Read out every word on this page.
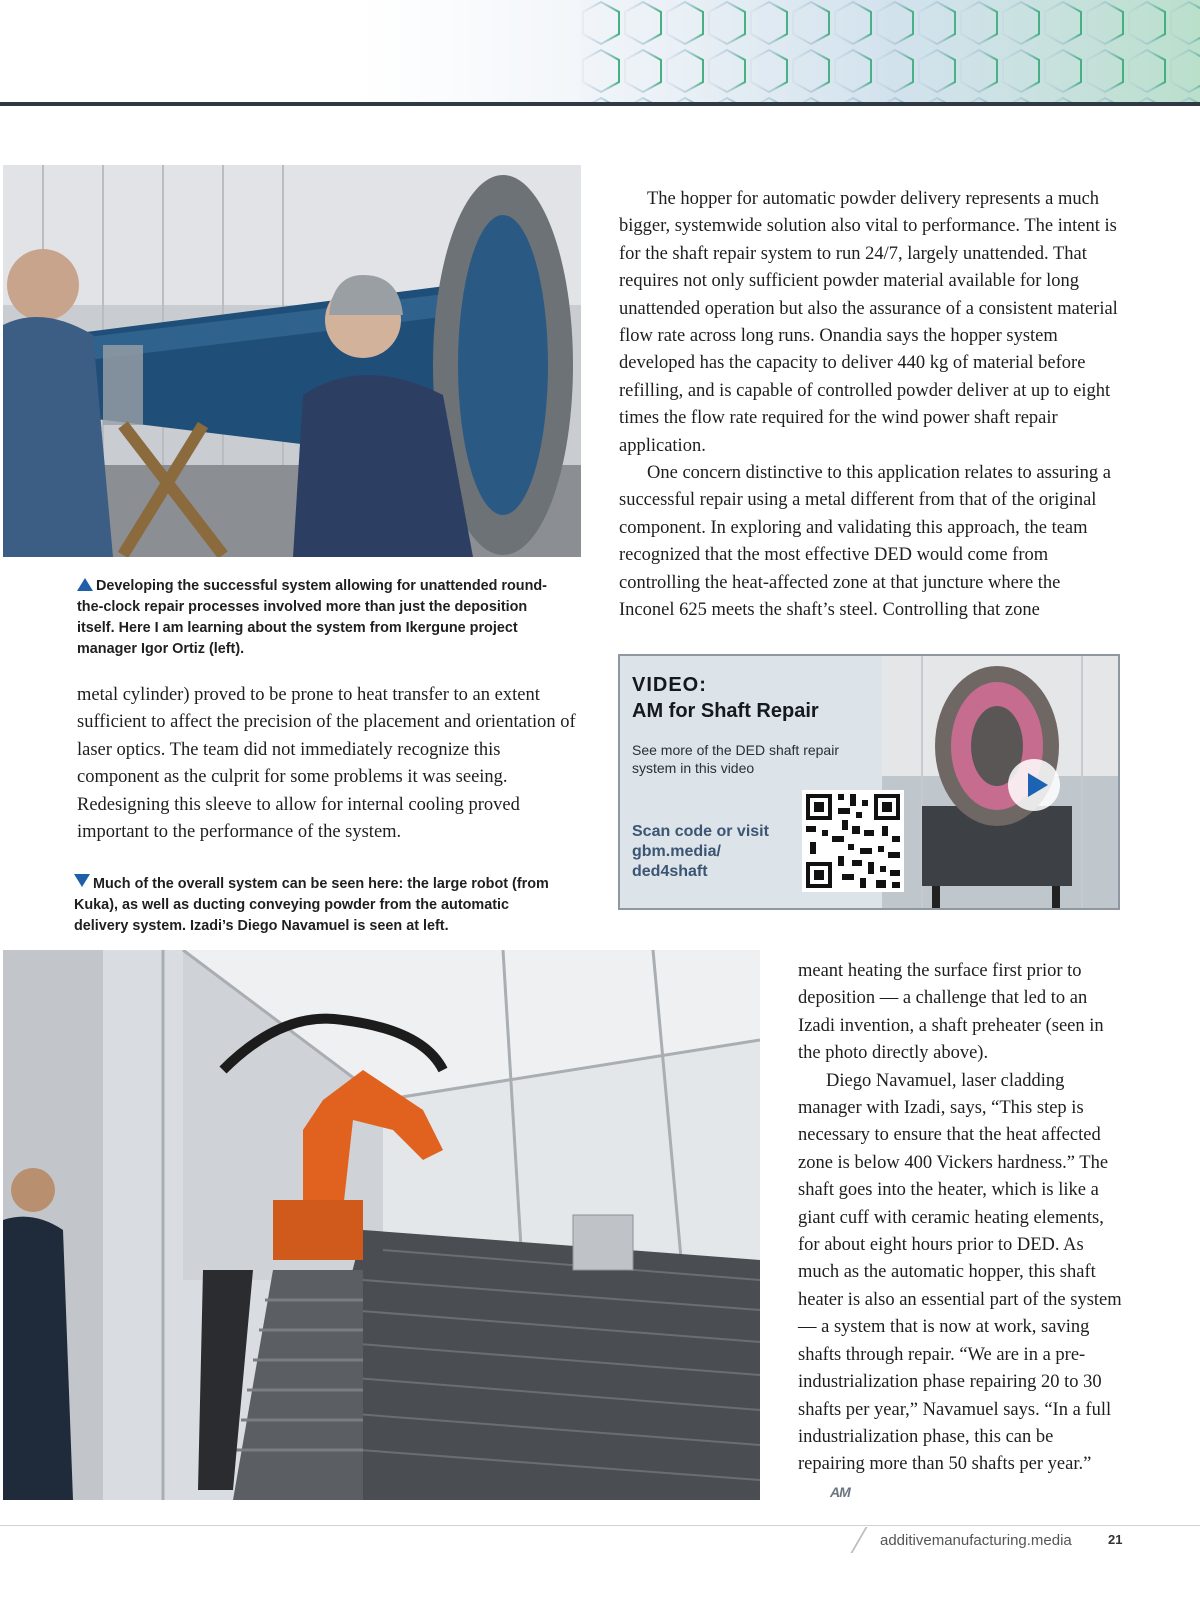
Developing the successful system allowing for unattended round-the-clock repair processes involved more than just the deposition itself. Here I am learning about the system from Ikergune project manager Igor Ortiz (left).

The hopper for automatic powder delivery represents a much bigger, systemwide solution also vital to performance. The intent is for the shaft repair system to run 24/7, largely unattended. That requires not only sufficient powder material available for long unattended operation but also the assurance of a consistent material flow rate across long runs. Onandia says the hopper system developed has the capacity to deliver 440 kg of material before refilling, and is capable of controlled powder deliver at up to eight times the flow rate required for the wind power shaft repair application.

One concern distinctive to this application relates to assuring a successful repair using a metal different from that of the original component. In exploring and validating this approach, the team recognized that the most effective DED would come from controlling the heat-affected zone at that juncture where the Inconel 625 meets the shaft’s steel. Controlling that zone

metal cylinder) proved to be prone to heat transfer to an extent sufficient to affect the precision of the placement and orientation of laser optics. The team did not immediately recognize this component as the culprit for some problems it was seeing. Redesigning this sleeve to allow for internal cooling proved important to the performance of the system.

VIDEO:
AM for Shaft Repair
See more of the DED shaft repair system in this video
Scan code or visit
gbm.media/
ded4shaft

Much of the overall system can be seen here: the large robot (from Kuka), as well as ducting conveying powder from the automatic delivery system. Izadi’s Diego Navamuel is seen at left.

meant heating the surface first prior to deposition — a challenge that led to an Izadi invention, a shaft preheater (seen in the photo directly above).

Diego Navamuel, laser cladding manager with Izadi, says, “This step is necessary to ensure that the heat affected zone is below 400 Vickers hardness.” The shaft goes into the heater, which is like a giant cuff with ceramic heating elements, for about eight hours prior to DED. As much as the automatic hopper, this shaft heater is also an essential part of the system — a system that is now at work, saving shafts through repair. “We are in a pre-industrialization phase repairing 20 to 30 shafts per year,” Navamuel says. “In a full industrialization phase, this can be repairing more than 50 shafts per year.”AM

additivemanufacturing.media	21
